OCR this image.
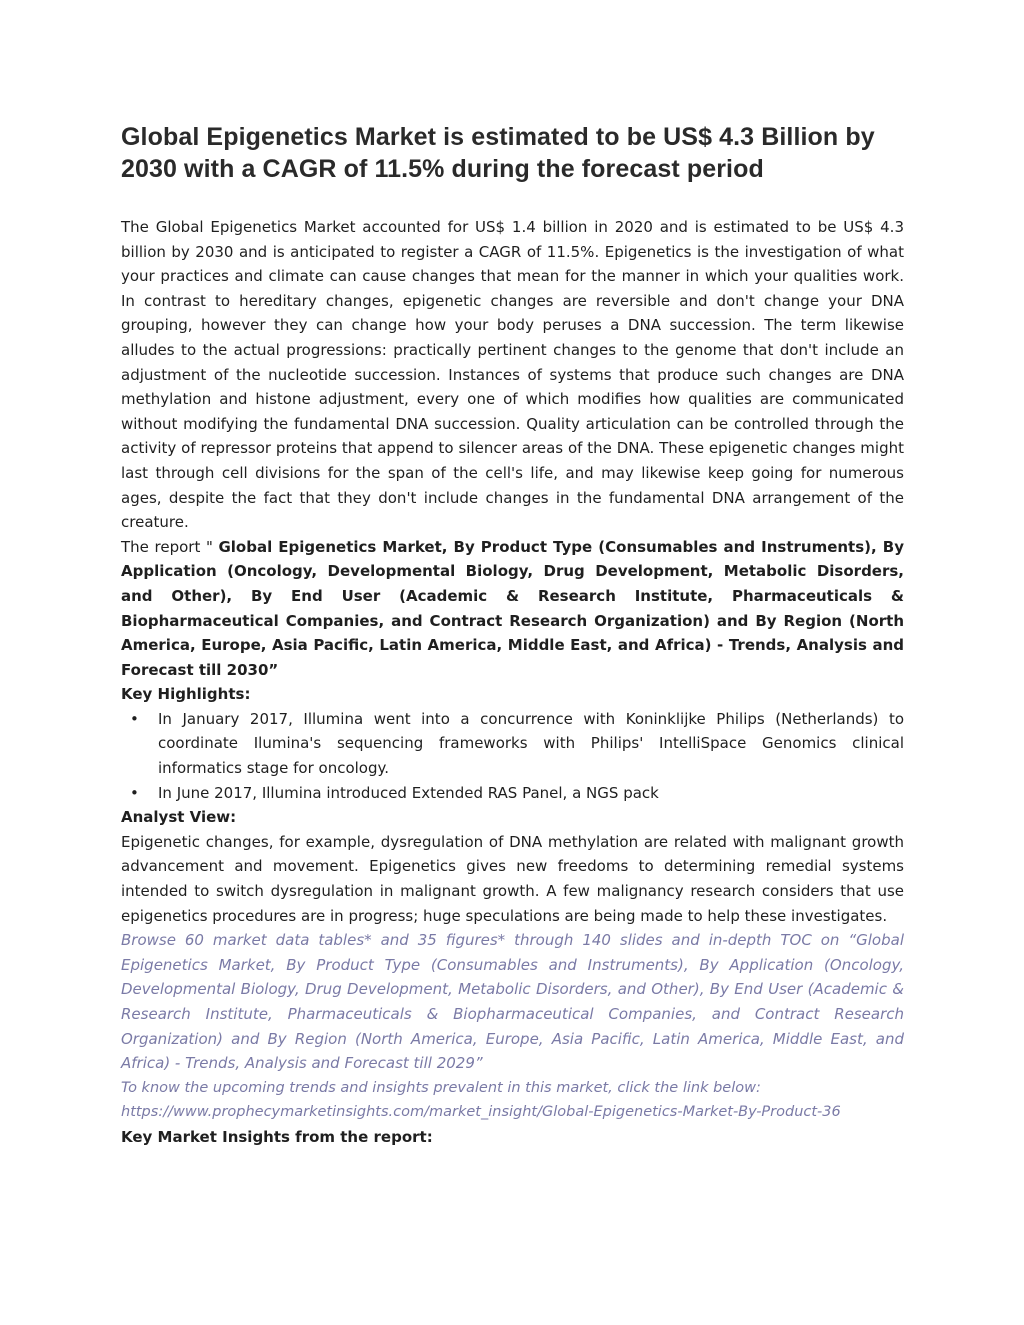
Global Epigenetics Market is estimated to be US$ 4.3 Billion by 2030 with a CAGR of 11.5% during the forecast period

The Global Epigenetics Market accounted for US$ 1.4 billion in 2020 and is estimated to be US$ 4.3 billion by 2030 and is anticipated to register a CAGR of 11.5%. Epigenetics is the investigation of what your practices and climate can cause changes that mean for the manner in which your qualities work. In contrast to hereditary changes, epigenetic changes are reversible and don't change your DNA grouping, however they can change how your body peruses a DNA succession. The term likewise alludes to the actual progressions: practically pertinent changes to the genome that don't include an adjustment of the nucleotide succession. Instances of systems that produce such changes are DNA methylation and histone adjustment, every one of which modifies how qualities are communicated without modifying the fundamental DNA succession. Quality articulation can be controlled through the activity of repressor proteins that append to silencer areas of the DNA. These epigenetic changes might last through cell divisions for the span of the cell's life, and may likewise keep going for numerous ages, despite the fact that they don't include changes in the fundamental DNA arrangement of the creature.

The report " Global Epigenetics Market, By Product Type (Consumables and Instruments), By Application (Oncology, Developmental Biology, Drug Development, Metabolic Disorders, and Other), By End User (Academic & Research Institute, Pharmaceuticals & Biopharmaceutical Companies, and Contract Research Organization) and By Region (North America, Europe, Asia Pacific, Latin America, Middle East, and Africa) - Trends, Analysis and Forecast till 2030”

Key Highlights:

• In January 2017, Illumina went into a concurrence with Koninklijke Philips (Netherlands) to coordinate Ilumina's sequencing frameworks with Philips' IntelliSpace Genomics clinical informatics stage for oncology.
• In June 2017, Illumina introduced Extended RAS Panel, a NGS pack

Analyst View:

Epigenetic changes, for example, dysregulation of DNA methylation are related with malignant growth advancement and movement. Epigenetics gives new freedoms to determining remedial systems intended to switch dysregulation in malignant growth. A few malignancy research considers that use epigenetics procedures are in progress; huge speculations are being made to help these investigates.

Browse 60 market data tables* and 35 figures* through 140 slides and in-depth TOC on “Global Epigenetics Market, By Product Type (Consumables and Instruments), By Application (Oncology, Developmental Biology, Drug Development, Metabolic Disorders, and Other), By End User (Academic & Research Institute, Pharmaceuticals & Biopharmaceutical Companies, and Contract Research Organization) and By Region (North America, Europe, Asia Pacific, Latin America, Middle East, and Africa) - Trends, Analysis and Forecast till 2029”

To know the upcoming trends and insights prevalent in this market, click the link below:

https://www.prophecymarketinsights.com/market_insight/Global-Epigenetics-Market-By-Product-36

Key Market Insights from the report:
